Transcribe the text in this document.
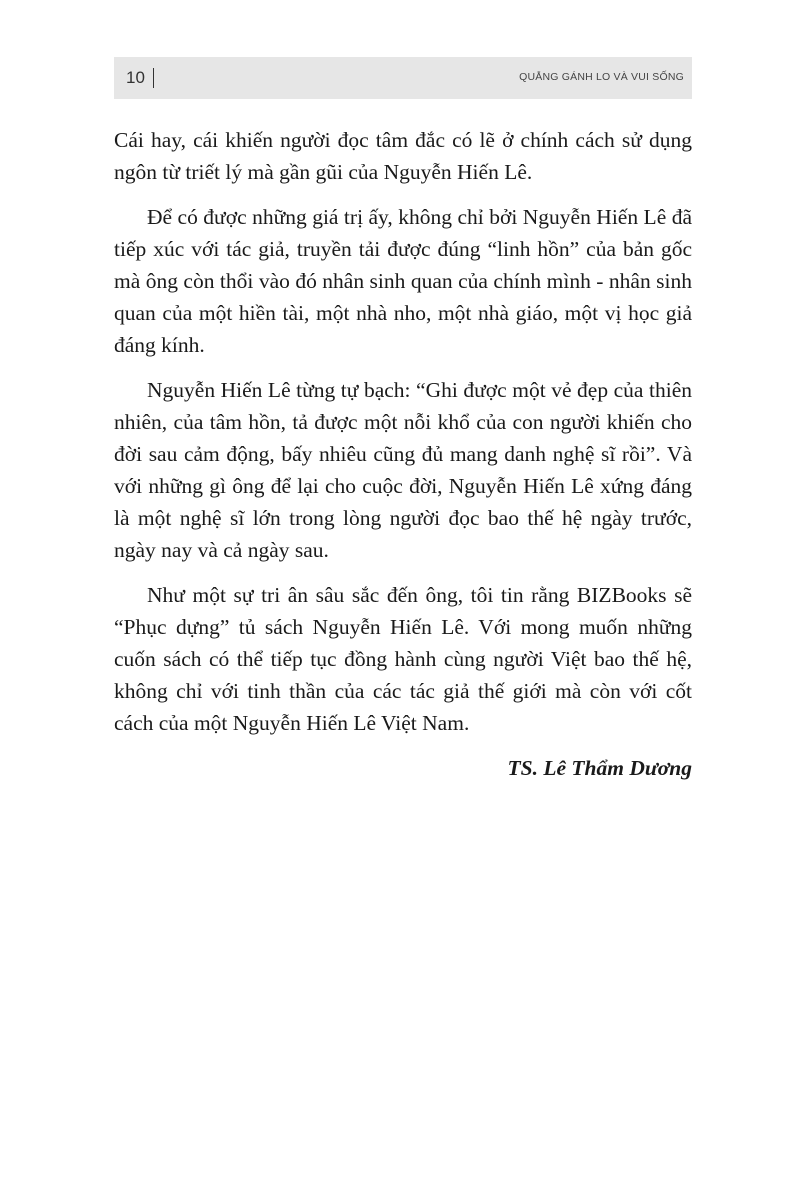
10	QUẲNG GÁNH LO VÀ VUI SỐNG

Cái hay, cái khiến người đọc tâm đắc có lẽ ở chính cách sử dụng ngôn từ triết lý mà gần gũi của Nguyễn Hiến Lê.

Để có được những giá trị ấy, không chỉ bởi Nguyễn Hiến Lê đã tiếp xúc với tác giả, truyền tải được đúng “linh hồn” của bản gốc mà ông còn thổi vào đó nhân sinh quan của chính mình - nhân sinh quan của một hiền tài, một nhà nho, một nhà giáo, một vị học giả đáng kính.

Nguyễn Hiến Lê từng tự bạch: “Ghi được một vẻ đẹp của thiên nhiên, của tâm hồn, tả được một nỗi khổ của con người khiến cho đời sau cảm động, bấy nhiêu cũng đủ mang danh nghệ sĩ rồi”. Và với những gì ông để lại cho cuộc đời, Nguyễn Hiến Lê xứng đáng là một nghệ sĩ lớn trong lòng người đọc bao thế hệ ngày trước, ngày nay và cả ngày sau.

Như một sự tri ân sâu sắc đến ông, tôi tin rằng BIZBooks sẽ “Phục dựng” tủ sách Nguyễn Hiến Lê. Với mong muốn những cuốn sách có thể tiếp tục đồng hành cùng người Việt bao thế hệ, không chỉ với tinh thần của các tác giả thế giới mà còn với cốt cách của một Nguyễn Hiến Lê Việt Nam.

TS. Lê Thẩm Dương
